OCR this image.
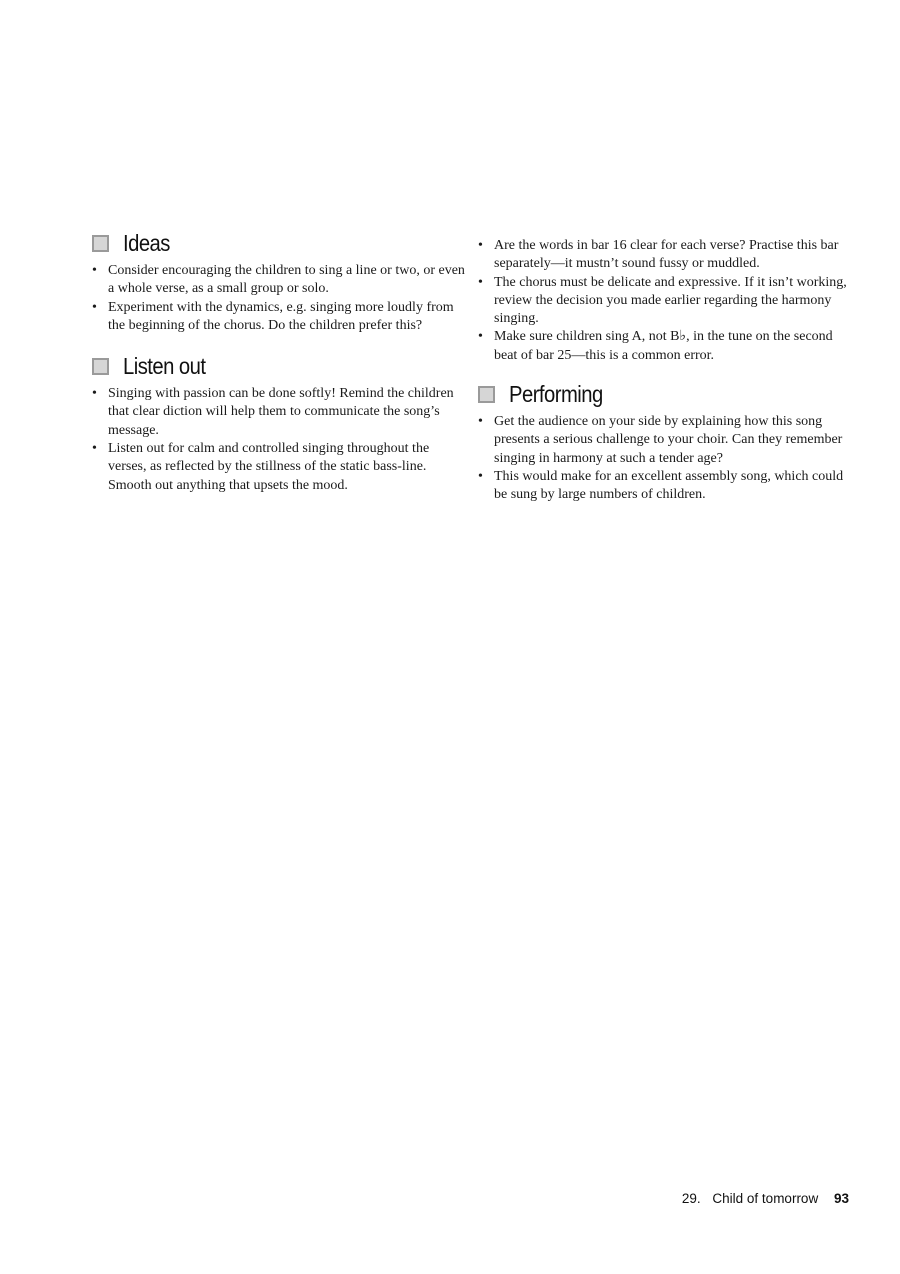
Ideas
• Consider encouraging the children to sing a line or two, or even a whole verse, as a small group or solo.
• Experiment with the dynamics, e.g. singing more loudly from the beginning of the chorus. Do the children prefer this?
Listen out
• Singing with passion can be done softly! Remind the children that clear diction will help them to communicate the song’s message.
• Listen out for calm and controlled singing throughout the verses, as reflected by the stillness of the static bass-line. Smooth out anything that upsets the mood.
• Are the words in bar 16 clear for each verse? Practise this bar separately—it mustn’t sound fussy or muddled.
• The chorus must be delicate and expressive. If it isn’t working, review the decision you made earlier regarding the harmony singing.
• Make sure children sing A, not B♭, in the tune on the second beat of bar 25—this is a common error.
Performing
• Get the audience on your side by explaining how this song presents a serious challenge to your choir. Can they remember singing in harmony at such a tender age?
• This would make for an excellent assembly song, which could be sung by large numbers of children.
29. Child of tomorrow 93
